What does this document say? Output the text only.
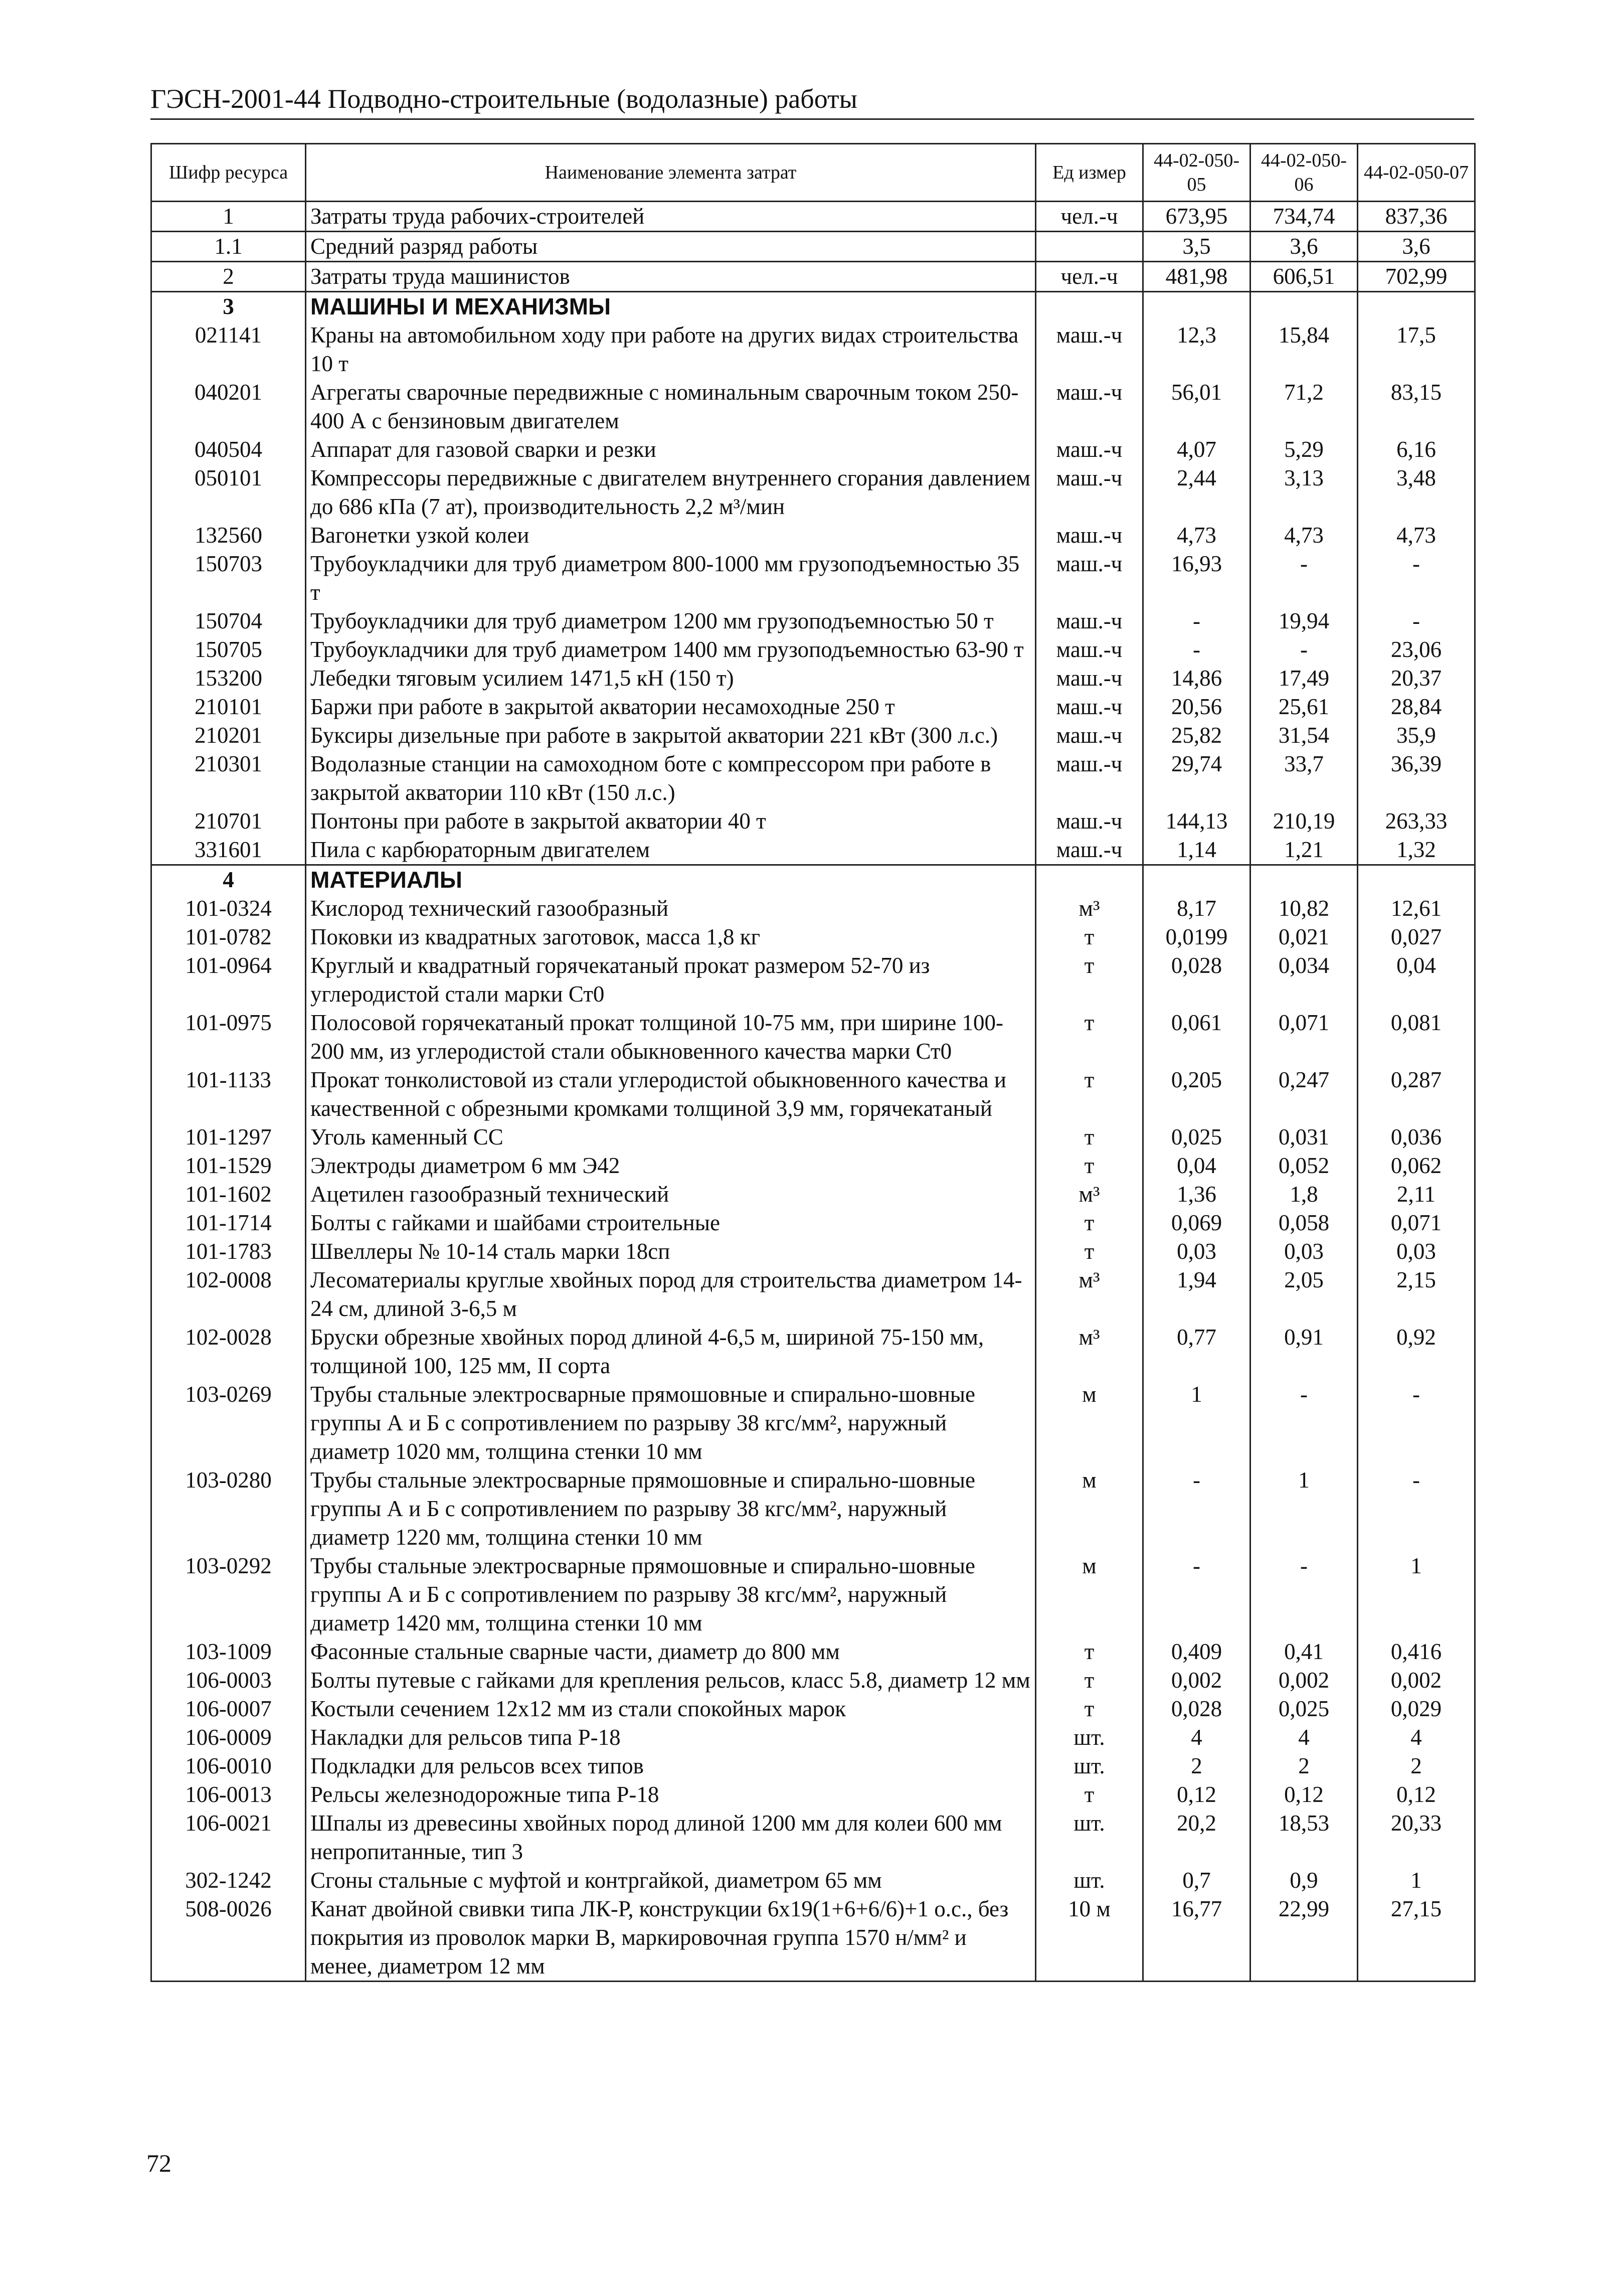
ГЭСН-2001-44 Подводно-строительные (водолазные) работы
Шифр ресурса	Наименование элемента затрат	Ед измер	44-02-050-05	44-02-050-06	44-02-050-07
1	Затраты труда рабочих-строителей	чел.-ч	673,95	734,74	837,36
1.1	Средний разряд работы		3,5	3,6	3,6
2	Затраты труда машинистов	чел.-ч	481,98	606,51	702,99
3	МАШИНЫ И МЕХАНИЗМЫ				
021141	Краны на автомобильном ходу при работе на других видах строительства 10 т	маш.-ч	12,3	15,84	17,5
040201	Агрегаты сварочные передвижные с номинальным сварочным током 250-400 А с бензиновым двигателем	маш.-ч	56,01	71,2	83,15
040504	Аппарат для газовой сварки и резки	маш.-ч	4,07	5,29	6,16
050101	Компрессоры передвижные с двигателем внутреннего сгорания давлением до 686 кПа (7 ат), производительность 2,2 м³/мин	маш.-ч	2,44	3,13	3,48
132560	Вагонетки узкой колеи	маш.-ч	4,73	4,73	4,73
150703	Трубоукладчики для труб диаметром 800-1000 мм грузоподъемностью 35 т	маш.-ч	16,93	-	-
150704	Трубоукладчики для труб диаметром 1200 мм грузоподъемностью 50 т	маш.-ч	-	19,94	-
150705	Трубоукладчики для труб диаметром 1400 мм грузоподъемностью 63-90 т	маш.-ч	-	-	23,06
153200	Лебедки тяговым усилием 1471,5 кН (150 т)	маш.-ч	14,86	17,49	20,37
210101	Баржи при работе в закрытой акватории несамоходные 250 т	маш.-ч	20,56	25,61	28,84
210201	Буксиры дизельные при работе в закрытой акватории 221 кВт (300 л.с.)	маш.-ч	25,82	31,54	35,9
210301	Водолазные станции на самоходном боте с компрессором при работе в закрытой акватории 110 кВт (150 л.с.)	маш.-ч	29,74	33,7	36,39
210701	Понтоны при работе в закрытой акватории 40 т	маш.-ч	144,13	210,19	263,33
331601	Пила с карбюраторным двигателем	маш.-ч	1,14	1,21	1,32
4	МАТЕРИАЛЫ				
101-0324	Кислород технический газообразный	м³	8,17	10,82	12,61
101-0782	Поковки из квадратных заготовок, масса 1,8 кг	т	0,0199	0,021	0,027
101-0964	Круглый и квадратный горячекатаный прокат размером 52-70 из углеродистой стали марки Ст0	т	0,028	0,034	0,04
101-0975	Полосовой горячекатаный прокат толщиной 10-75 мм, при ширине 100-200 мм, из углеродистой стали обыкновенного качества марки Ст0	т	0,061	0,071	0,081
101-1133	Прокат тонколистовой из стали углеродистой обыкновенного качества и качественной с обрезными кромками толщиной 3,9 мм, горячекатаный	т	0,205	0,247	0,287
101-1297	Уголь каменный СС	т	0,025	0,031	0,036
101-1529	Электроды диаметром 6 мм Э42	т	0,04	0,052	0,062
101-1602	Ацетилен газообразный технический	м³	1,36	1,8	2,11
101-1714	Болты с гайками и шайбами строительные	т	0,069	0,058	0,071
101-1783	Швеллеры № 10-14 сталь марки 18сп	т	0,03	0,03	0,03
102-0008	Лесоматериалы круглые хвойных пород для строительства диаметром 14-24 см, длиной 3-6,5 м	м³	1,94	2,05	2,15
102-0028	Бруски обрезные хвойных пород длиной 4-6,5 м, шириной 75-150 мм, толщиной 100, 125 мм, II сорта	м³	0,77	0,91	0,92
103-0269	Трубы стальные электросварные прямошовные и спирально-шовные группы А и Б с сопротивлением по разрыву 38 кгс/мм², наружный диаметр 1020 мм, толщина стенки 10 мм	м	1	-	-
103-0280	Трубы стальные электросварные прямошовные и спирально-шовные группы А и Б с сопротивлением по разрыву 38 кгс/мм², наружный диаметр 1220 мм, толщина стенки 10 мм	м	-	1	-
103-0292	Трубы стальные электросварные прямошовные и спирально-шовные группы А и Б с сопротивлением по разрыву 38 кгс/мм², наружный диаметр 1420 мм, толщина стенки 10 мм	м	-	-	1
103-1009	Фасонные стальные сварные части, диаметр до 800 мм	т	0,409	0,41	0,416
106-0003	Болты путевые с гайками для крепления рельсов, класс 5.8, диаметр 12 мм	т	0,002	0,002	0,002
106-0007	Костыли сечением 12х12 мм из стали спокойных марок	т	0,028	0,025	0,029
106-0009	Накладки для рельсов типа Р-18	шт.	4	4	4
106-0010	Подкладки для рельсов всех типов	шт.	2	2	2
106-0013	Рельсы железнодорожные типа Р-18	т	0,12	0,12	0,12
106-0021	Шпалы из древесины хвойных пород длиной 1200 мм для колеи 600 мм непропитанные, тип 3	шт.	20,2	18,53	20,33
302-1242	Сгоны стальные с муфтой и контргайкой, диаметром 65 мм	шт.	0,7	0,9	1
508-0026	Канат двойной свивки типа ЛК-Р, конструкции 6х19(1+6+6/6)+1 о.с., без покрытия из проволок марки В, маркировочная группа 1570 н/мм² и менее, диаметром 12 мм	10 м	16,77	22,99	27,15
72
